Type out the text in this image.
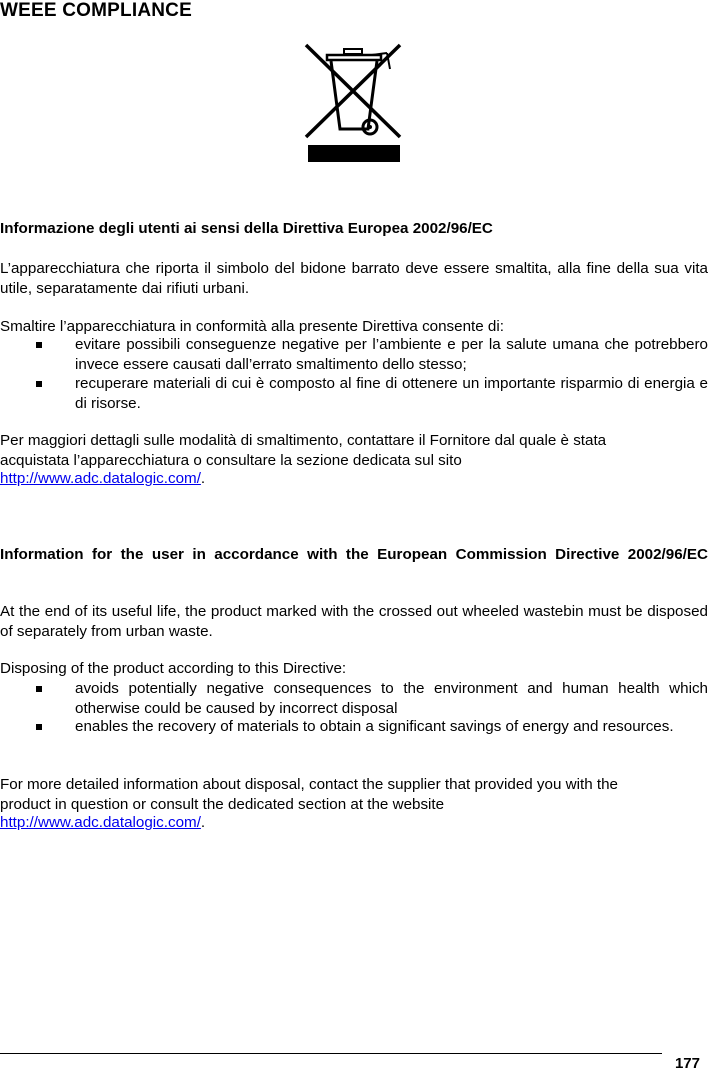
WEEE COMPLIANCE
Informazione degli utenti ai sensi della Direttiva Europea 2002/96/EC
L’apparecchiatura che riporta il simbolo del bidone barrato deve essere smaltita, alla fine della sua vita utile, separatamente dai rifiuti urbani.
Smaltire l’apparecchiatura in conformità alla presente Direttiva consente di:
evitare possibili conseguenze negative per l’ambiente e per la salute umana che potrebbero invece essere causati dall’errato smaltimento dello stesso;
recuperare materiali di cui è composto al fine di ottenere un importante risparmio di energia e di risorse.
Per maggiori dettagli sulle modalità di smaltimento, contattare il Fornitore dal quale è stata
acquistata l’apparecchiatura o consultare la sezione dedicata sul sito
http://www.adc.datalogic.com/.
Information for the user in accordance with the European Commission Directive 2002/96/EC
At the end of its useful life, the product marked with the crossed out wheeled wastebin must be disposed of separately from urban waste.
Disposing of the product according to this Directive:
avoids potentially negative consequences to the environment and human health which otherwise could be caused by incorrect disposal
enables the recovery of materials to obtain a significant savings of energy and resources.
For more detailed information about disposal, contact the supplier that provided you with the
product in question or consult the dedicated section at the website
http://www.adc.datalogic.com/.
177
